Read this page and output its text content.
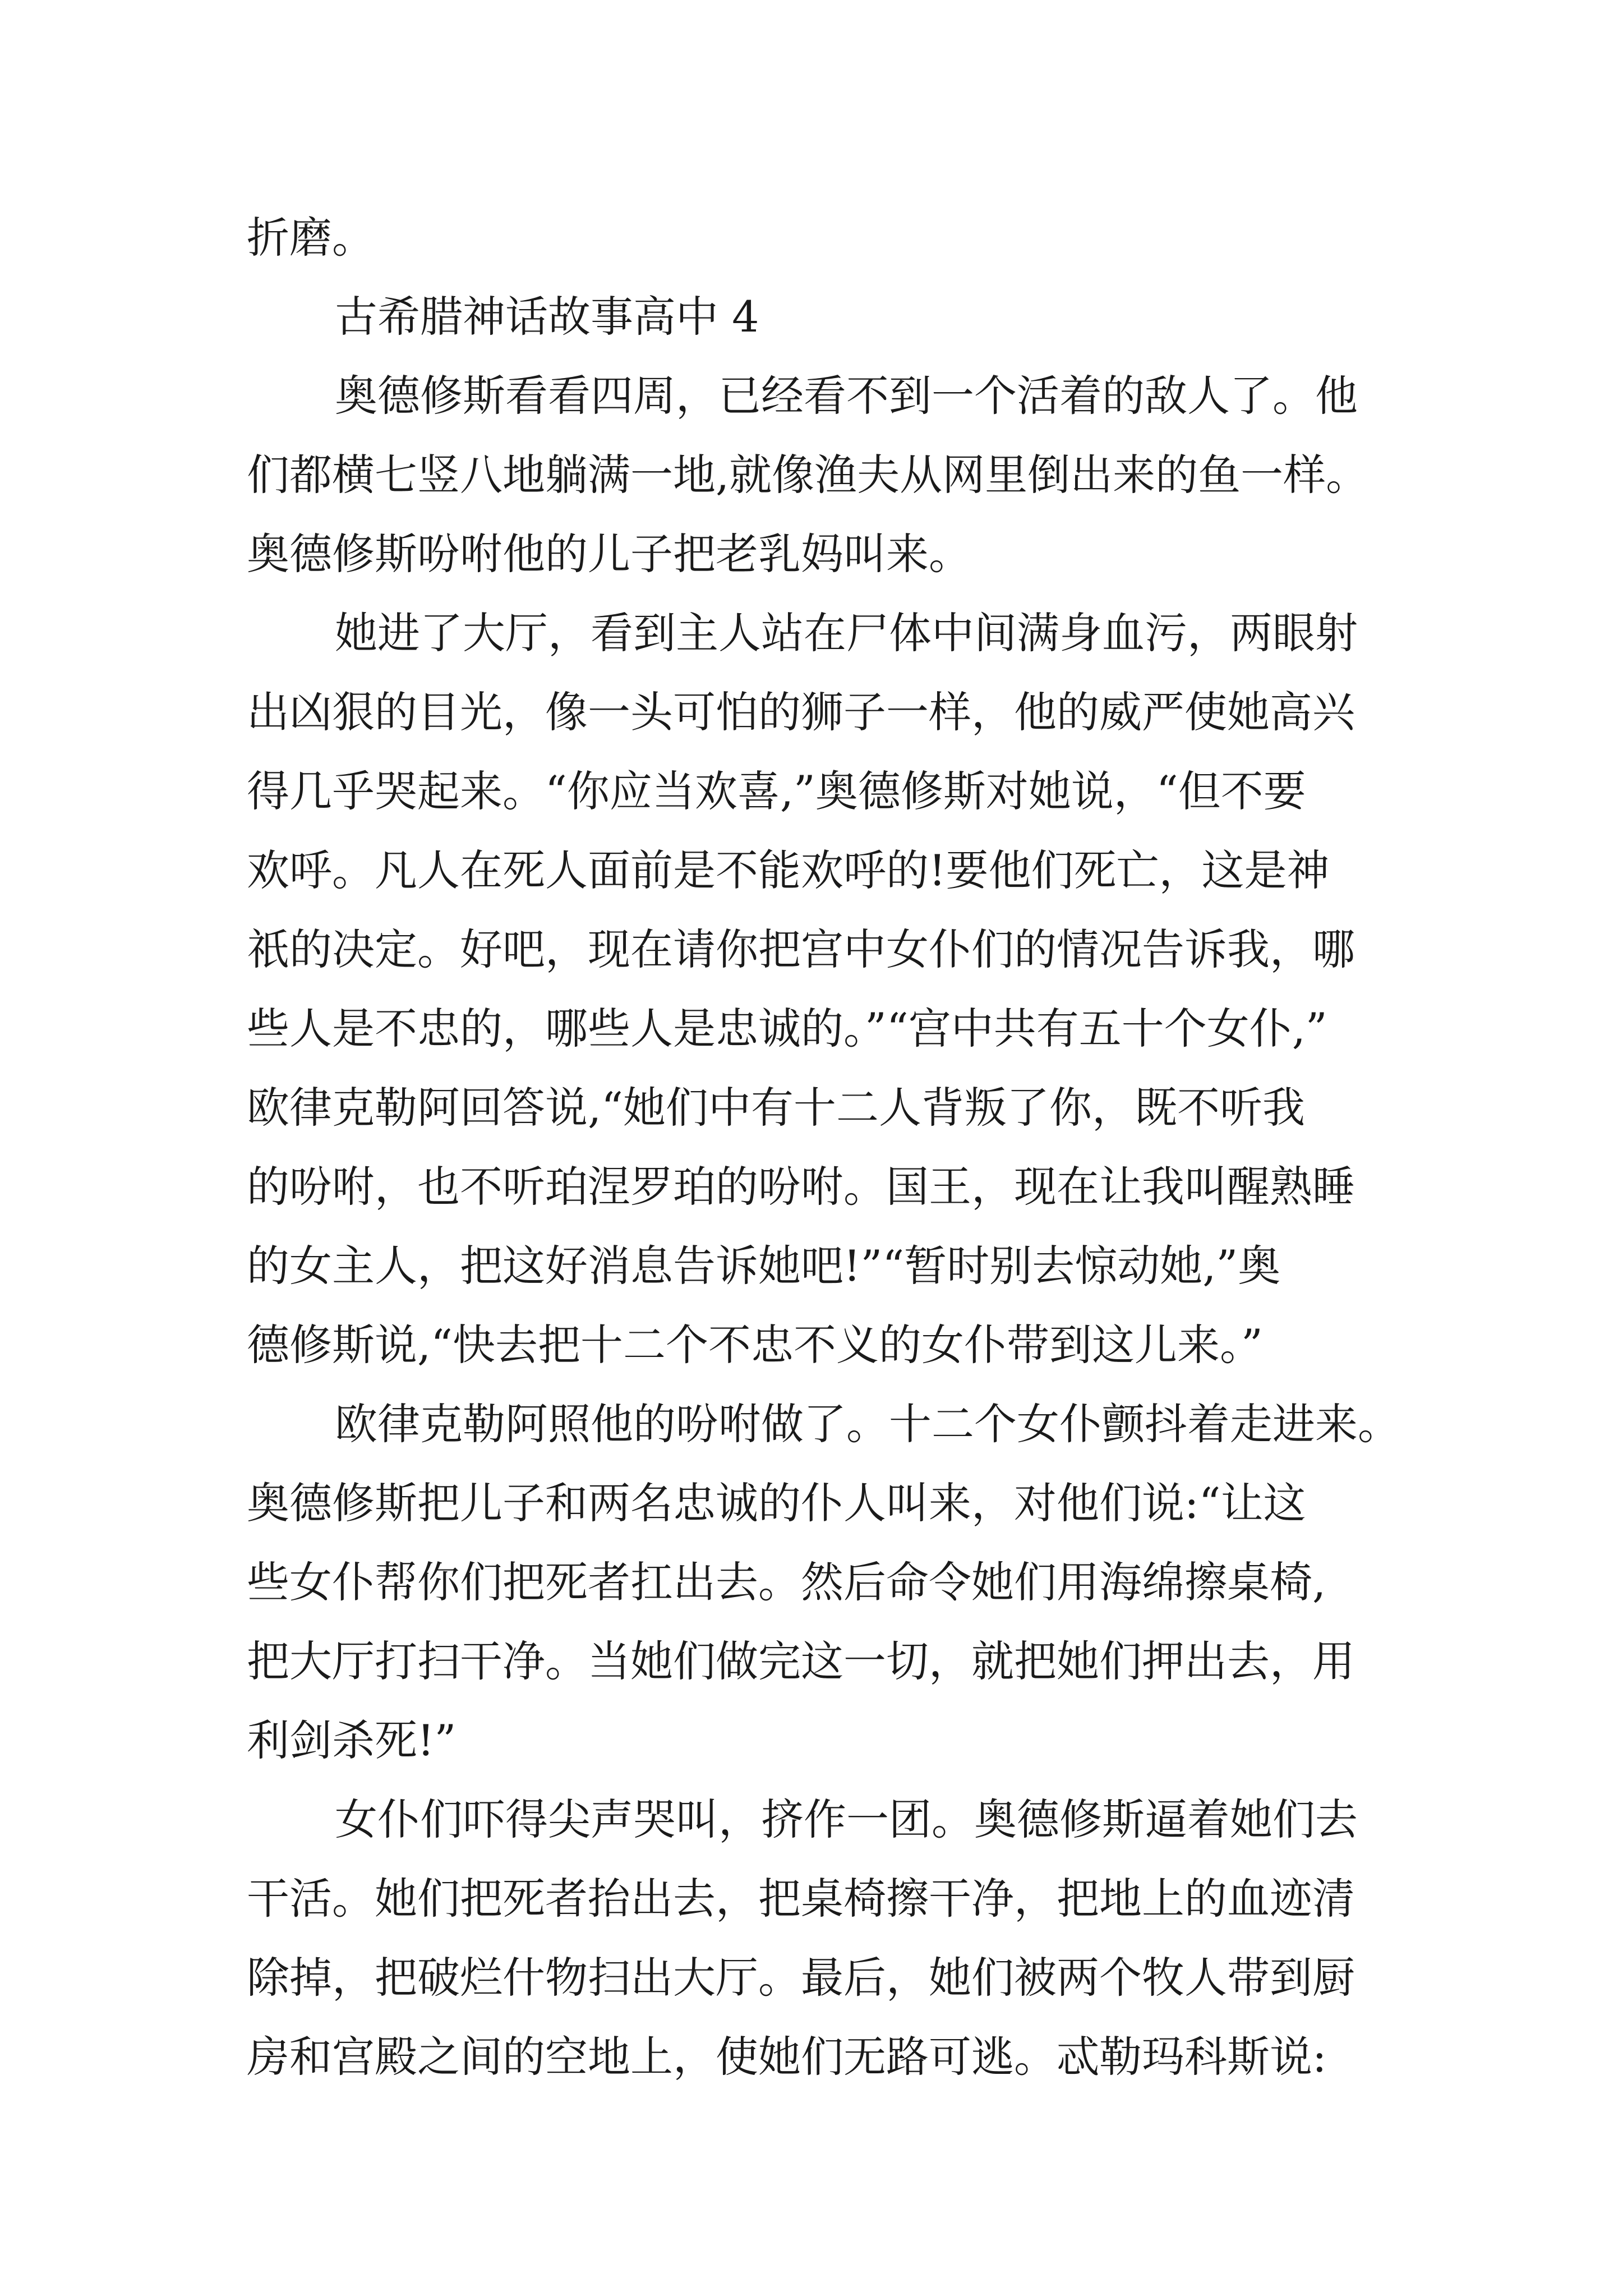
折磨。
古希腊神话故事高中 4
奥德修斯看看四周，已经看不到一个活着的敌人了。他
们都横七竖八地躺满一地,就像渔夫从网里倒出来的鱼一样。
奥德修斯吩咐他的儿子把老乳妈叫来。
她进了大厅，看到主人站在尸体中间满身血污，两眼射
出凶狠的目光，像一头可怕的狮子一样，他的威严使她高兴
得几乎哭起来。“你应当欢喜,”奥德修斯对她说，“但不要
欢呼。凡人在死人面前是不能欢呼的!要他们死亡，这是神
祇的决定。好吧，现在请你把宫中女仆们的情况告诉我，哪
些人是不忠的，哪些人是忠诚的。”“宫中共有五十个女仆,”
欧律克勒阿回答说,“她们中有十二人背叛了你，既不听我
的吩咐，也不听珀涅罗珀的吩咐。国王，现在让我叫醒熟睡
的女主人，把这好消息告诉她吧!”“暂时别去惊动她,”奥
德修斯说,“快去把十二个不忠不义的女仆带到这儿来。”
欧律克勒阿照他的吩咐做了。十二个女仆颤抖着走进来。
奥德修斯把儿子和两名忠诚的仆人叫来，对他们说:“让这
些女仆帮你们把死者扛出去。然后命令她们用海绵擦桌椅,
把大厅打扫干净。当她们做完这一切，就把她们押出去，用
利剑杀死!”
女仆们吓得尖声哭叫，挤作一团。奥德修斯逼着她们去
干活。她们把死者抬出去，把桌椅擦干净，把地上的血迹清
除掉，把破烂什物扫出大厅。最后，她们被两个牧人带到厨
房和宫殿之间的空地上，使她们无路可逃。忒勒玛科斯说:
